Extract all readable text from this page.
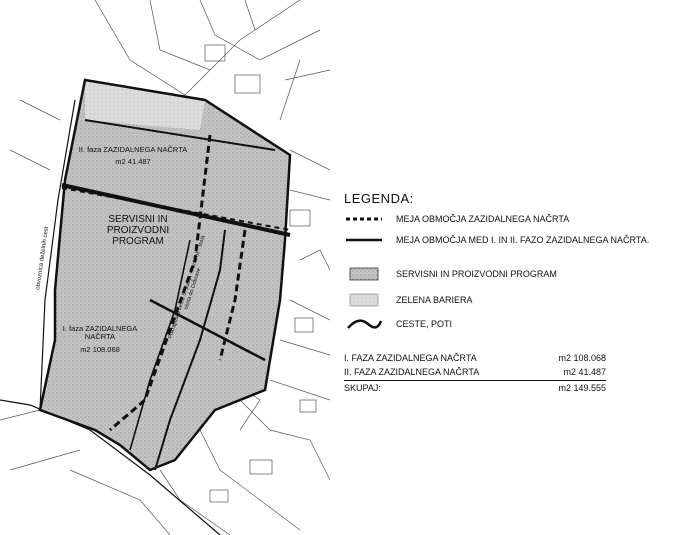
II. faza ZAZIDALNEGA NAČRTA
m2 41.487
SERVISNI IN PROIZVODNI PROGRAM
I. faza ZAZIDALNEGA NAČRTA
m2 108.068
obvoznica deželnih cest	Pokrajinska cesta S. Lucija - Portorož - Izola cesta do Dobrave
LEGENDA:
MEJA OBMOČJA ZAZIDALNEGA NAČRTA
MEJA OBMOČJA MED I. IN II. FAZO ZAZIDALNEGA NAČRTA.
SERVISNI IN PROIZVODNI PROGRAM
ZELENA BARIERA
CESTE, POTI
I. FAZA ZAZIDALNEGA NAČRTA	m2 108.068
II. FAZA ZAZIDALNEGA NAČRTA	m2 41.487
SKUPAJ:	m2 149.555
